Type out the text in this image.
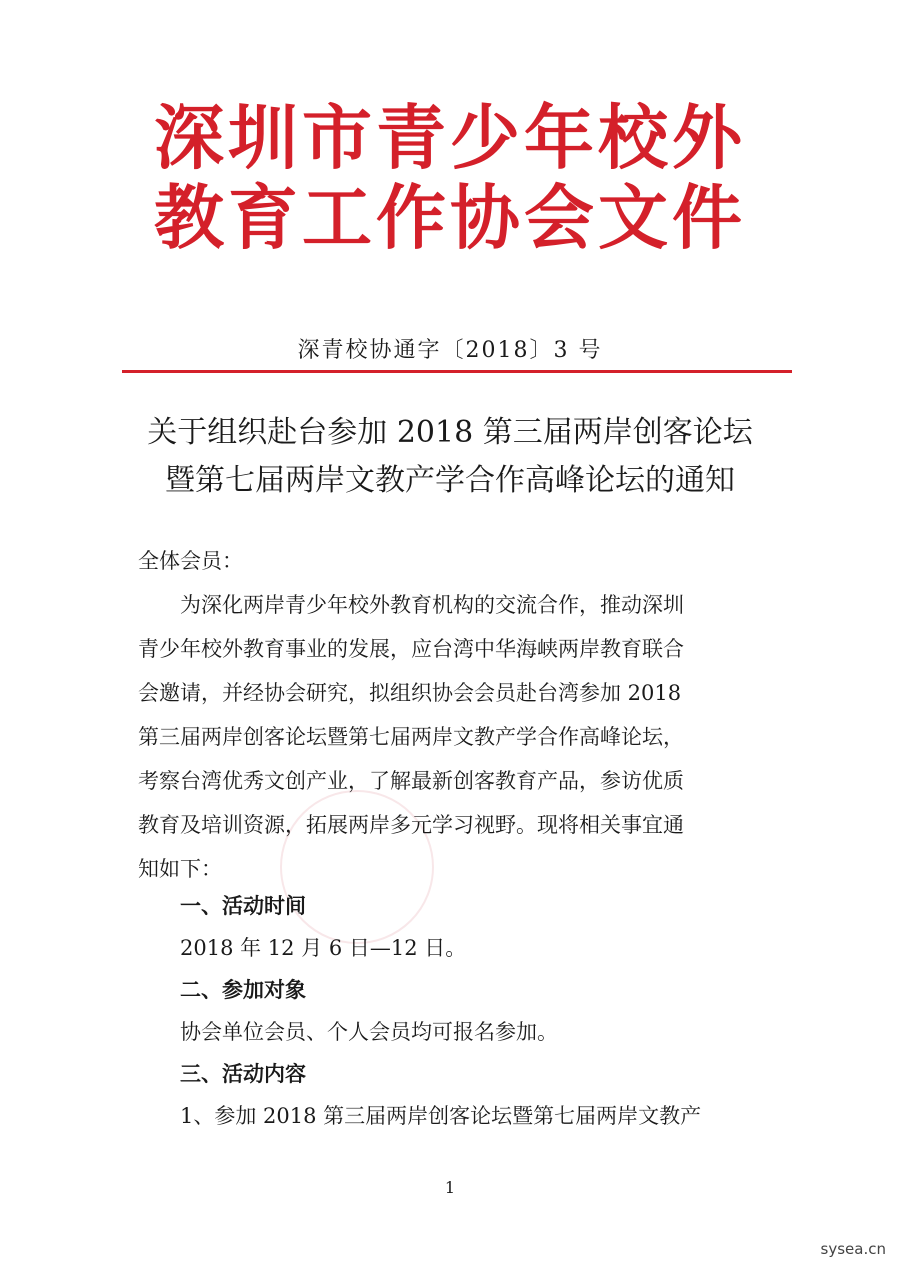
深圳市青少年校外
教育工作协会文件
深青校协通字〔2018〕3 号
关于组织赴台参加 2018 第三届两岸创客论坛
暨第七届两岸文教产学合作高峰论坛的通知
全体会员：
为深化两岸青少年校外教育机构的交流合作，推动深圳
青少年校外教育事业的发展，应台湾中华海峡两岸教育联合
会邀请，并经协会研究，拟组织协会会员赴台湾参加 2018
第三届两岸创客论坛暨第七届两岸文教产学合作高峰论坛，
考察台湾优秀文创产业，了解最新创客教育产品，参访优质
教育及培训资源，拓展两岸多元学习视野。现将相关事宜通
知如下：
一、活动时间
2018 年 12 月 6 日—12 日。
二、参加对象
协会单位会员、个人会员均可报名参加。
三、活动内容
1、参加 2018 第三届两岸创客论坛暨第七届两岸文教产
1
sysea.cn
